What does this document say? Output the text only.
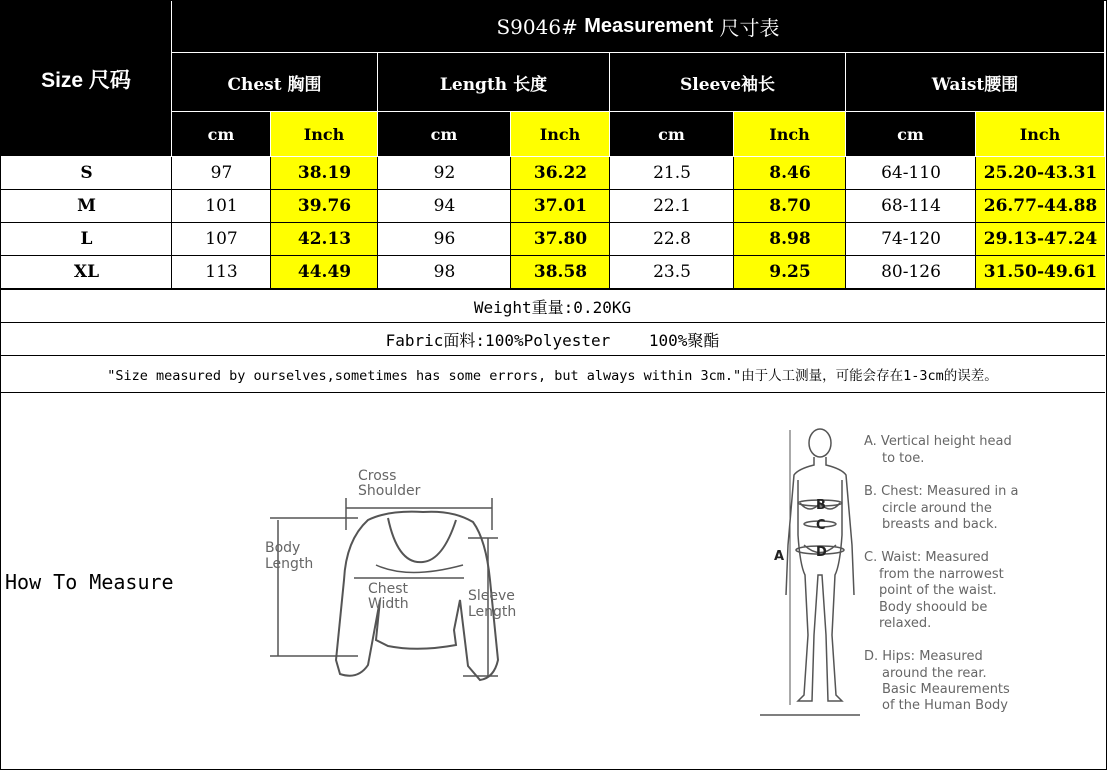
Size 尺码
S9046#
Measurement
尺寸表
Chest 胸围	Length 长度	Sleeve袖长	Waist腰围
cm	Inch	cm	Inch	cm	Inch	cm	Inch
S	97	38.19	92	36.22	21.5	8.46	64-110	25.20-43.31
M	101	39.76	94	37.01	22.1	8.70	68-114	26.77-44.88
L	107	42.13	96	37.80	22.8	8.98	74-120	29.13-47.24
XL	113	44.49	98	38.58	23.5	9.25	80-126	31.50-49.61
Weight重量:0.20KG
Fabric面料:100%Polyester    100%聚酯
"Size measured by ourselves,sometimes has some errors, but always within 3cm."由于人工测量，可能会存在1-3cm的误差。
How To Measure
Cross
Shoulder
Body
Length
Chest
Width	Sleeve
Length
A
B
C
D
A. Vertical height head
to toe.
B. Chest: Measured in a
circle around the
breasts and back.
C. Waist: Measured
from the narrowest
point of the waist.
Body shoould be
relaxed.
D. Hips: Measured
around the rear.
Basic Meaurements
of the Human Body
